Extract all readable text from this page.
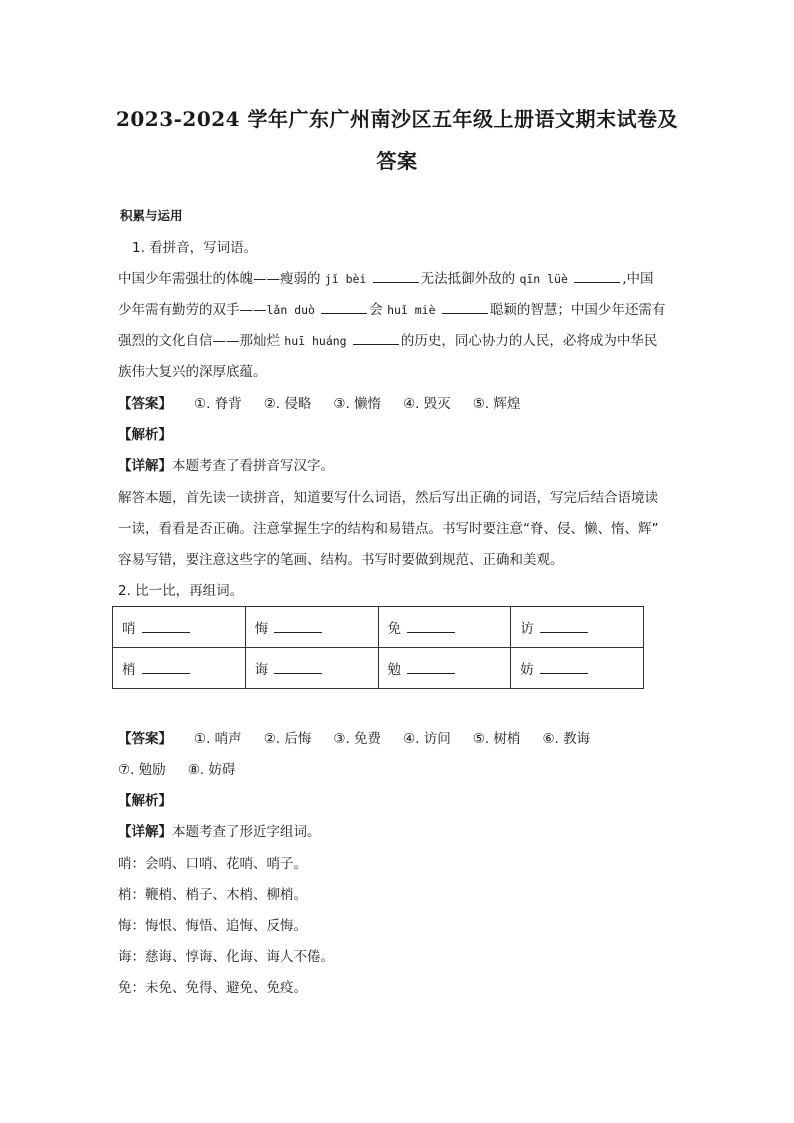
2023-2024 学年广东广州南沙区五年级上册语文期末试卷及
答案
积累与运用

1. 看拼音，写词语。

中国少年需强壮的体魄——瘦弱的 jǐ bèi	无法抵御外敌的 qīn lüè	,中国

少年需有勤劳的双手——lǎn duò	会 huǐ miè	聪颖的智慧；中国少年还需有

强烈的文化自信——那灿烂 huī huáng	的历史，同心协力的人民，必将成为中华民

族伟大复兴的深厚底蕴。

【答案】 ①. 脊背 ②. 侵略 ③. 懒惰 ④. 毁灭 ⑤. 辉煌

【解析】

【详解】本题考查了看拼音写汉字。

解答本题，首先读一读拼音，知道要写什么词语，然后写出正确的词语，写完后结合语境读

一读，看看是否正确。注意掌握生字的结构和易错点。书写时要注意“脊、侵、懒、惰、辉”

容易写错，要注意这些字的笔画、结构。书写时要做到规范、正确和美观。

2. 比一比，再组词。

哨	悔	免	访
梢	诲	勉	妨

【答案】 ①. 哨声 ②. 后悔 ③. 免费 ④. 访问 ⑤. 树梢 ⑥. 教诲

⑦. 勉励 ⑧. 妨碍

【解析】

【详解】本题考查了形近字组词。

哨：会哨、口哨、花哨、哨子。

梢：鞭梢、梢子、木梢、柳梢。

悔：悔恨、悔悟、追悔、反悔。

诲：慈诲、惇诲、化诲、诲人不倦。

免：未免、免得、避免、免疫。
